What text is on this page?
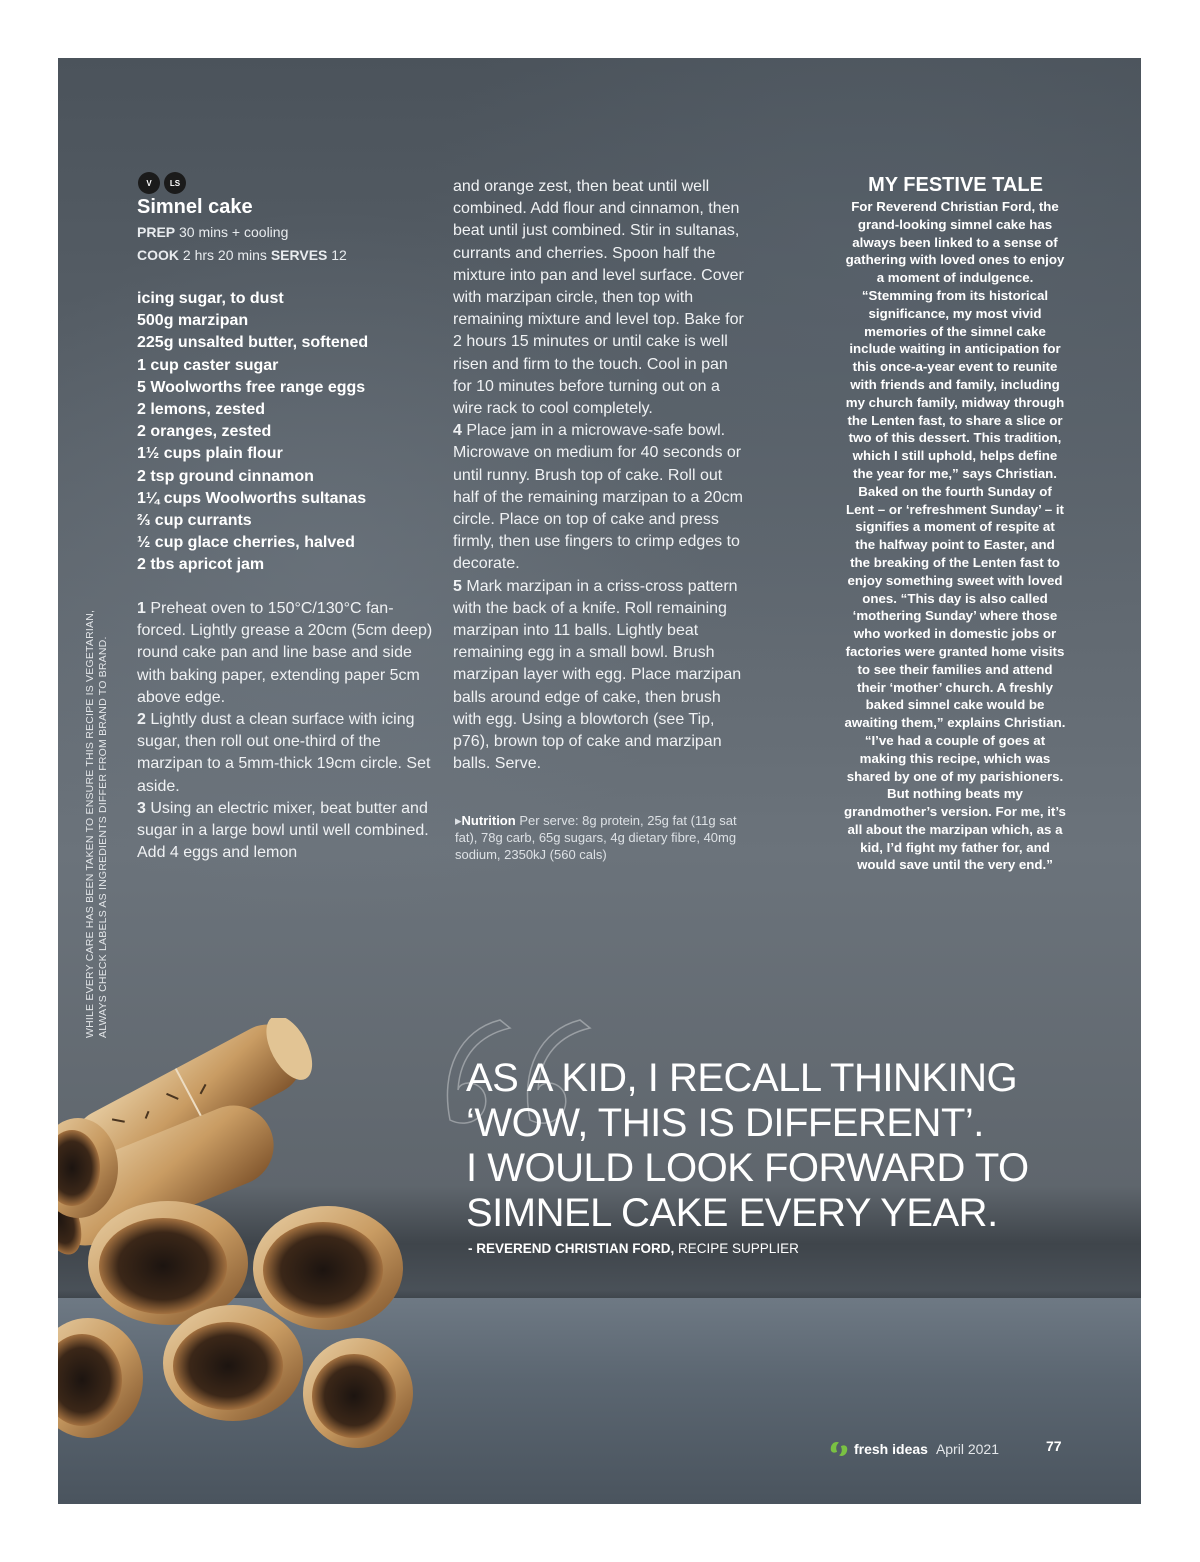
V	LS
Simnel cake
PREP 30 mins + cooling
COOK 2 hrs 20 mins SERVES 12
icing sugar, to dust
500g marzipan
225g unsalted butter, softened
1 cup caster sugar
5 Woolworths free range eggs
2 lemons, zested
2 oranges, zested
1½ cups plain flour
2 tsp ground cinnamon
1¼ cups Woolworths sultanas
⅔ cup currants
½ cup glace cherries, halved
2 tbs apricot jam

1 Preheat oven to 150°C/130°C fan-forced. Lightly grease a 20cm (5cm deep) round cake pan and line base and side with baking paper, extending paper 5cm above edge.

2 Lightly dust a clean surface with icing sugar, then roll out one-third of the marzipan to a 5mm-thick 19cm circle. Set aside.

3 Using an electric mixer, beat butter and sugar in a large bowl until well combined. Add 4 eggs and lemon

and orange zest, then beat until well combined. Add flour and cinnamon, then beat until just combined. Stir in sultanas, currants and cherries. Spoon half the mixture into pan and level surface. Cover with marzipan circle, then top with remaining mixture and level top. Bake for 2 hours 15 minutes or until cake is well risen and firm to the touch. Cool in pan for 10 minutes before turning out on a wire rack to cool completely.

4 Place jam in a microwave-safe bowl. Microwave on medium for 40 seconds or until runny. Brush top of cake. Roll out half of the remaining marzipan to a 20cm circle. Place on top of cake and press firmly, then use fingers to crimp edges to decorate.

5 Mark marzipan in a criss-cross pattern with the back of a knife. Roll remaining marzipan into 11 balls. Lightly beat remaining egg in a small bowl. Brush marzipan layer with egg. Place marzipan balls around edge of cake, then brush with egg. Using a blowtorch (see Tip, p76), brown top of cake and marzipan balls. Serve.

▸Nutrition Per serve: 8g protein, 25g fat (11g sat fat), 78g carb, 65g sugars, 4g dietary fibre, 40mg sodium, 2350kJ (560 cals)
MY FESTIVE TALE

For Reverend Christian Ford, the grand-looking simnel cake has always been linked to a sense of gathering with loved ones to enjoy a moment of indulgence. “Stemming from its historical significance, my most vivid memories of the simnel cake include waiting in anticipation for this once-a-year event to reunite with friends and family, including my church family, midway through the Lenten fast, to share a slice or two of this dessert. This tradition, which I still uphold, helps define the year for me,” says Christian.

Baked on the fourth Sunday of Lent – or ‘refreshment Sunday’ – it signifies a moment of respite at the halfway point to Easter, and the breaking of the Lenten fast to enjoy something sweet with loved ones. “This day is also called ‘mothering Sunday’ where those who worked in domestic jobs or factories were granted home visits to see their families and attend their ‘mother’ church. A freshly baked simnel cake would be awaiting them,” explains Christian.

“I’ve had a couple of goes at making this recipe, which was shared by one of my parishioners. But nothing beats my grandmother’s version. For me, it’s all about the marzipan which, as a kid, I’d fight my father for, and would save until the very end.”

WHILE EVERY CARE HAS BEEN TAKEN TO ENSURE THIS RECIPE IS VEGETARIAN, ALWAYS CHECK LABELS AS INGREDIENTS DIFFER FROM BRAND TO BRAND.
AS A KID, I RECALL THINKING
‘WOW, THIS IS DIFFERENT’.
I WOULD LOOK FORWARD TO
SIMNEL CAKE EVERY YEAR.
- REVEREND CHRISTIAN FORD, RECIPE SUPPLIER
fresh ideas April 2021	77
